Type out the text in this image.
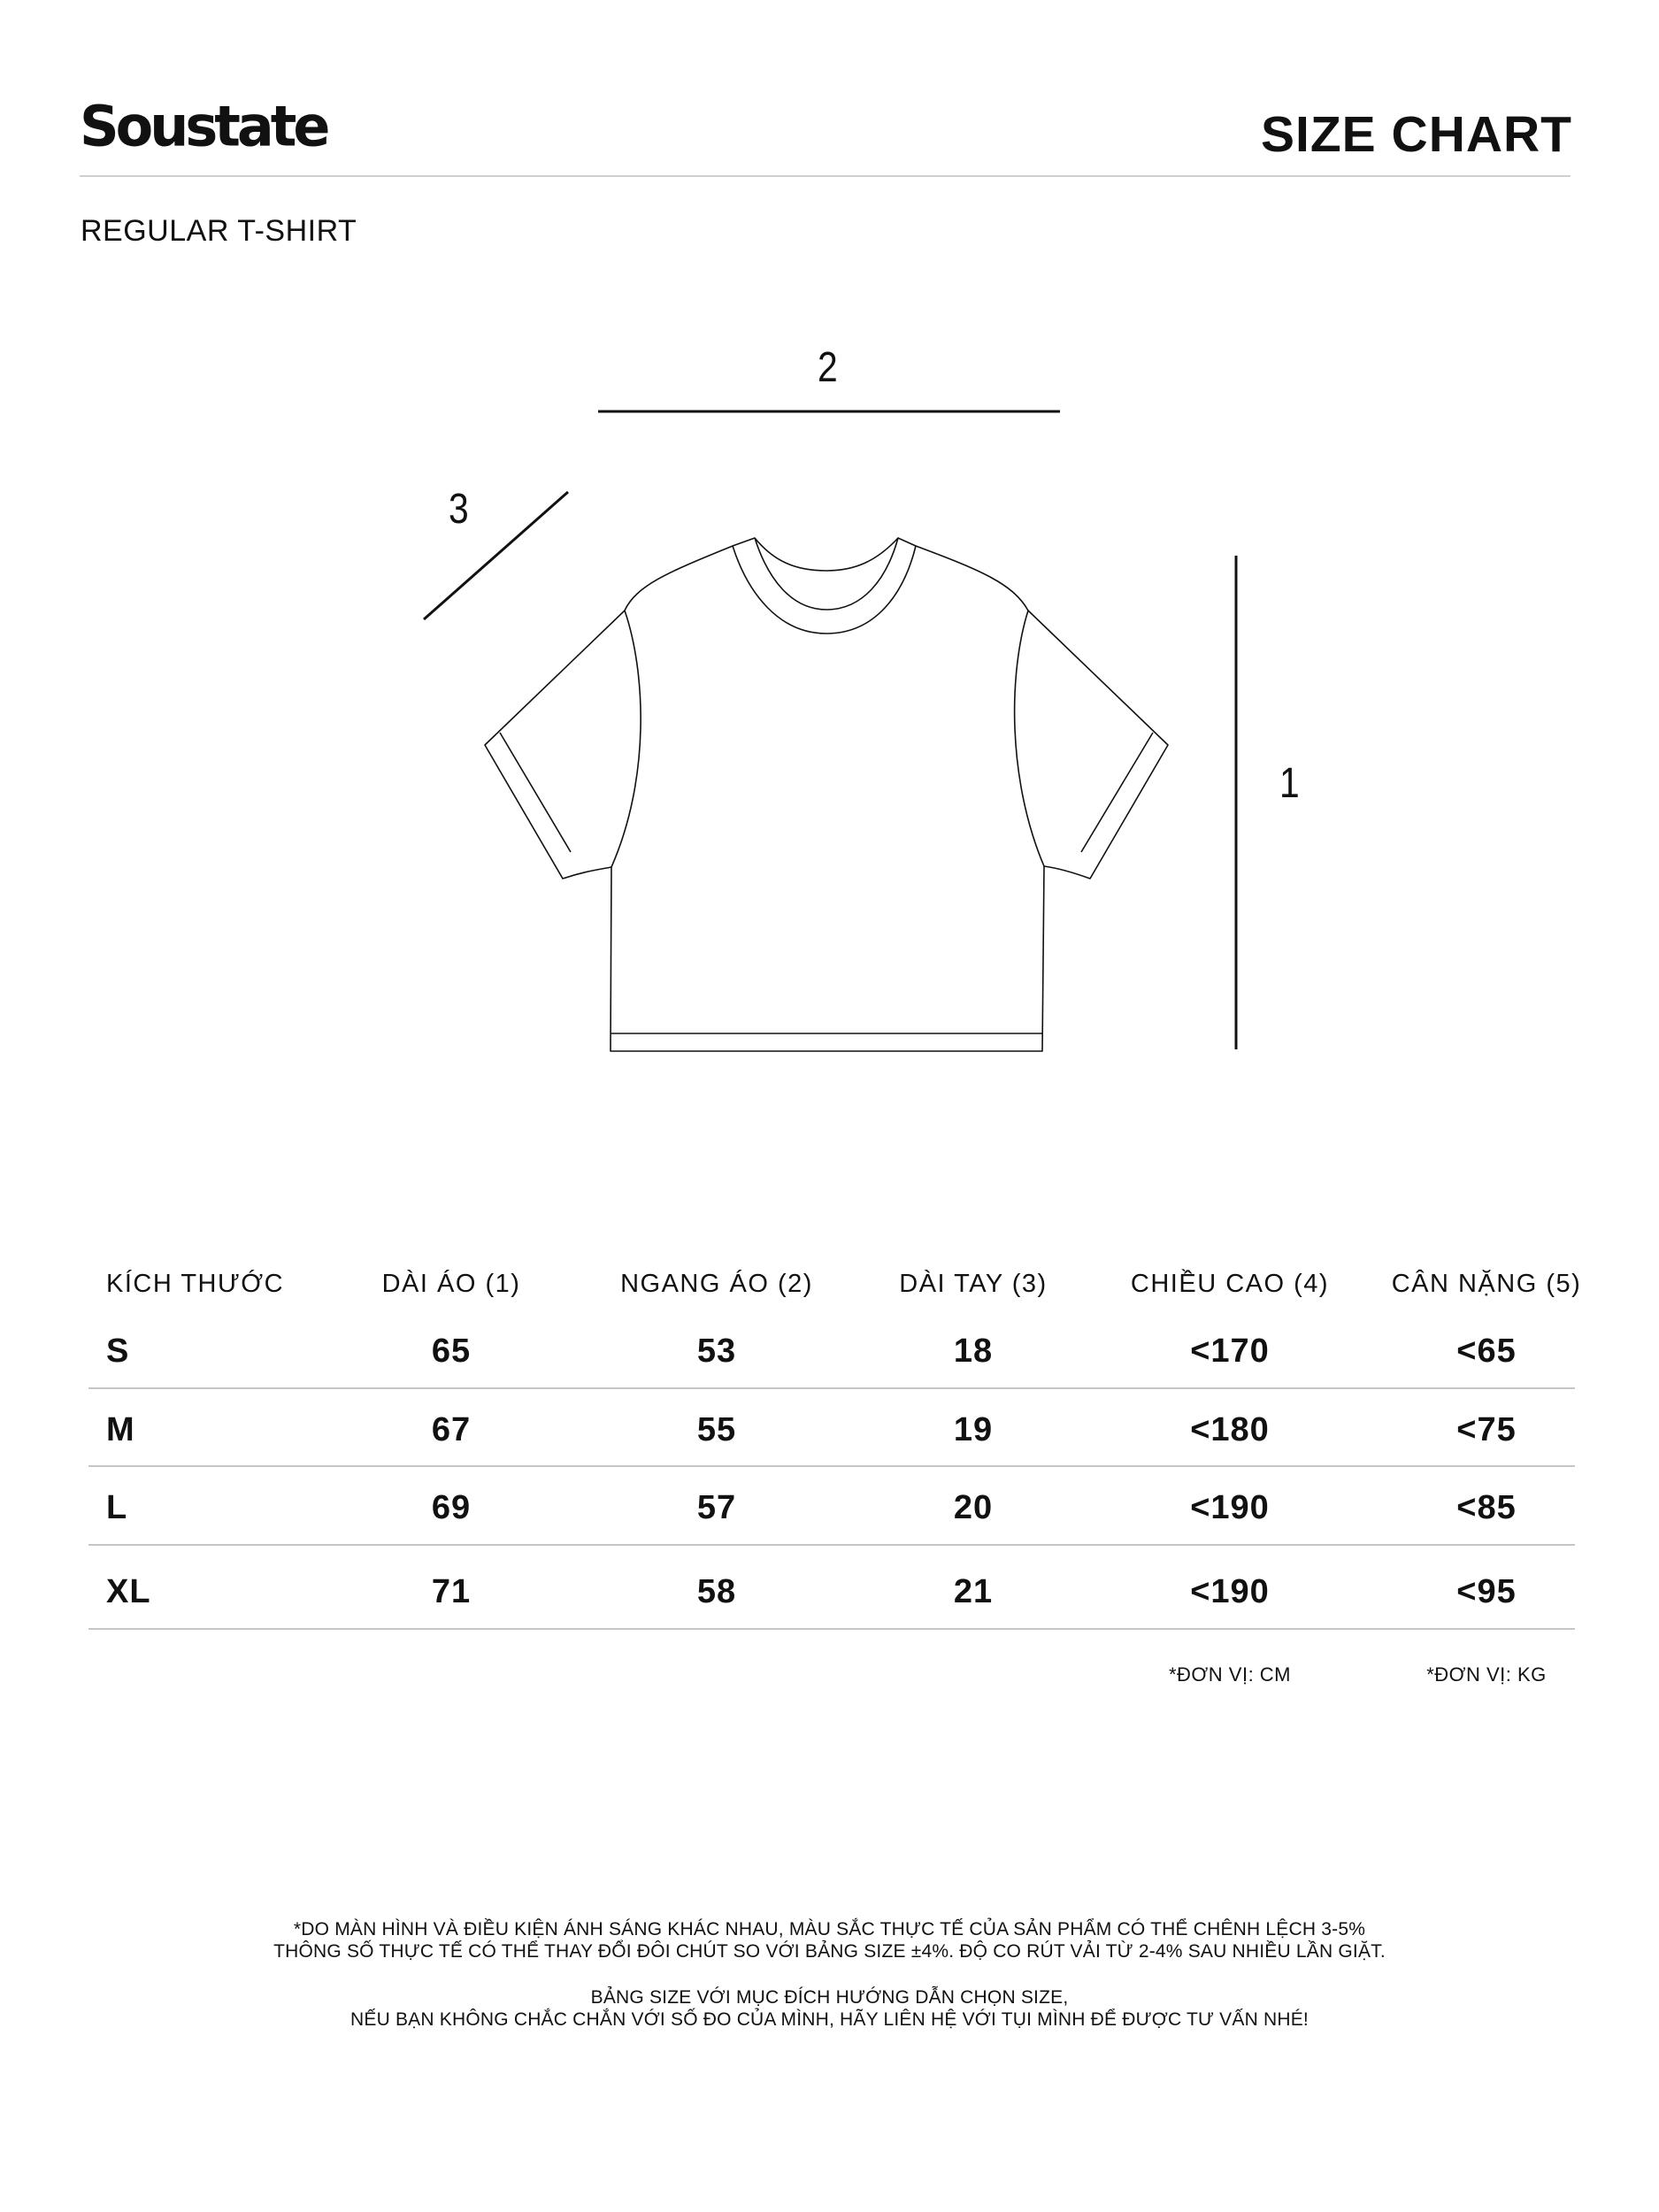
Soustate	SIZE CHART
REGULAR T-SHIRT
2
3
1
KÍCH THƯỚC	DÀI ÁO (1)	NGANG ÁO (2)	DÀI TAY (3)	CHIỀU CAO (4)	CÂN NẶNG (5)
S	65	53	18	<170	<65
M	67	55	19	<180	<75
L	69	57	20	<190	<85
XL	71	58	21	<190	<95
*ĐƠN VỊ: CM	*ĐƠN VỊ: KG
*DO MÀN HÌNH VÀ ĐIỀU KIỆN ÁNH SÁNG KHÁC NHAU, MÀU SẮC THỰC TẾ CỦA SẢN PHẨM CÓ THỂ CHÊNH LỆCH 3-5%
THÔNG SỐ THỰC TẾ CÓ THỂ THAY ĐỔI ĐÔI CHÚT SO VỚI BẢNG SIZE ±4%. ĐỘ CO RÚT VẢI TỪ 2-4% SAU NHIỀU LẦN GIẶT.
BẢNG SIZE VỚI MỤC ĐÍCH HƯỚNG DẪN CHỌN SIZE,
NẾU BẠN KHÔNG CHẮC CHẮN VỚI SỐ ĐO CỦA MÌNH, HÃY LIÊN HỆ VỚI TỤI MÌNH ĐỂ ĐƯỢC TƯ VẤN NHÉ!
